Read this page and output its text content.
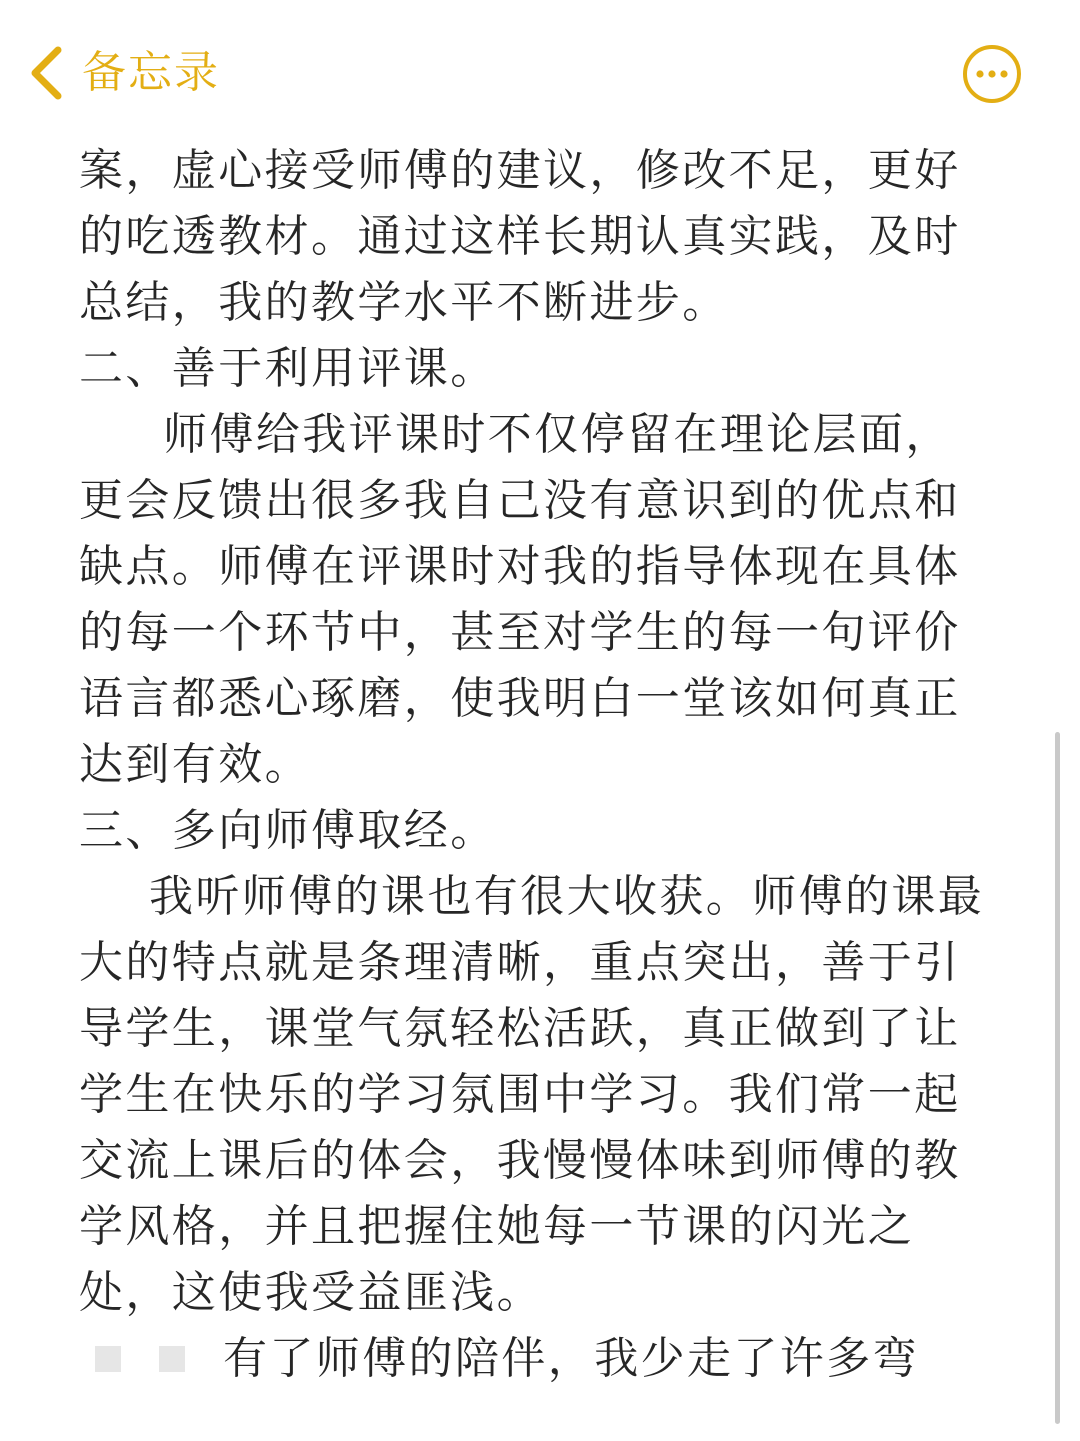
备忘录
案，虚心接受师傅的建议，修改不足，更好
的吃透教材。通过这样长期认真实践，及时
总结，我的教学水平不断进步。
二、善于利用评课。
师傅给我评课时不仅停留在理论层面，
更会反馈出很多我自己没有意识到的优点和
缺点。师傅在评课时对我的指导体现在具体
的每一个环节中，甚至对学生的每一句评价
语言都悉心琢磨，使我明白一堂该如何真正
达到有效。
三、多向师傅取经。
我听师傅的课也有很大收获。师傅的课最
大的特点就是条理清晰，重点突出，善于引
导学生，课堂气氛轻松活跃，真正做到了让
学生在快乐的学习氛围中学习。我们常一起
交流上课后的体会，我慢慢体味到师傅的教
学风格，并且把握住她每一节课的闪光之
处，这使我受益匪浅。
有了师傅的陪伴，我少走了许多弯
